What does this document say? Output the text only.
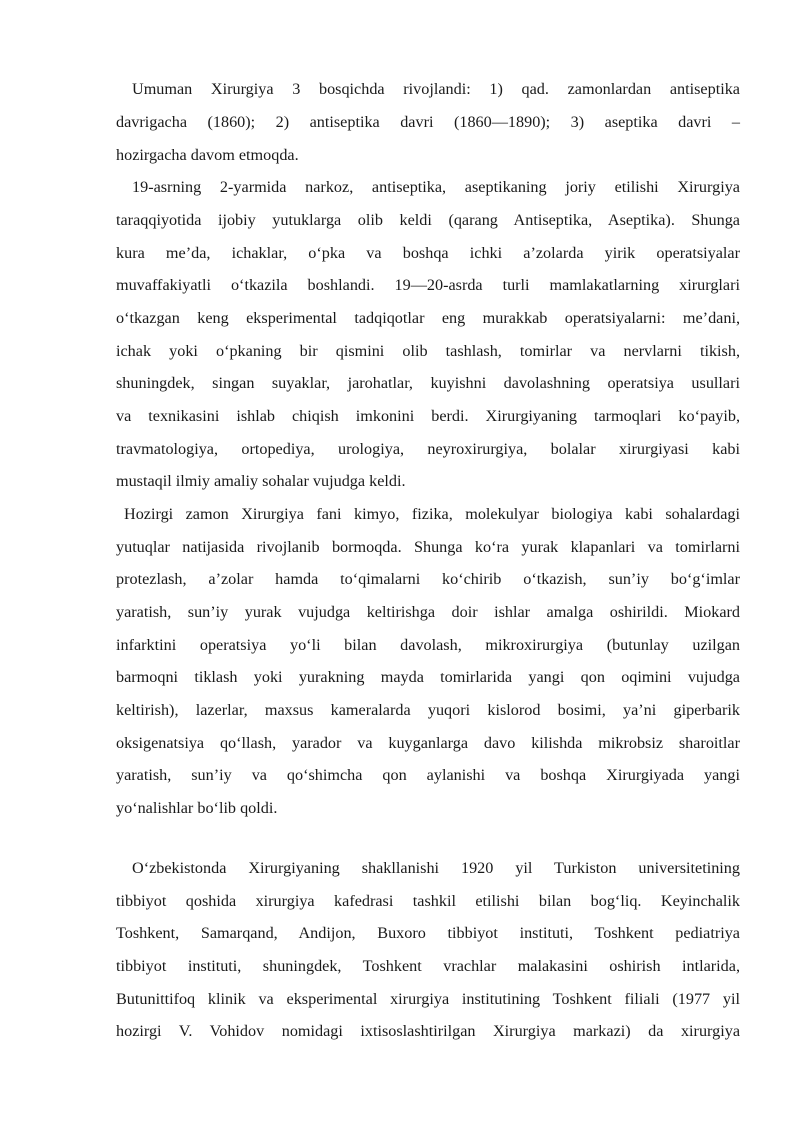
Umuman Xirurgiya 3 bosqichda rivojlandi: 1) qad. zamonlardan antiseptika
davrigacha (1860); 2) antiseptika davri (1860—1890); 3) aseptika davri –
hozirgacha davom etmoqda.
19-asrning 2-yarmida narkoz, antiseptika, aseptikaning joriy etilishi Xirurgiya
taraqqiyotida ijobiy yutuklarga olib keldi (qarang Antiseptika, Aseptika). Shunga
kura me’da, ichaklar, o‘pka va boshqa ichki a’zolarda yirik operatsiyalar
muvaffakiyatli o‘tkazila boshlandi. 19—20-asrda turli mamlakatlarning xirurglari
o‘tkazgan keng eksperimental tadqiqotlar eng murakkab operatsiyalarni: me’dani,
ichak yoki o‘pkaning bir qismini olib tashlash, tomirlar va nervlarni tikish,
shuningdek, singan suyaklar, jarohatlar, kuyishni davolashning operatsiya usullari
va texnikasini ishlab chiqish imkonini berdi. Xirurgiyaning tarmoqlari ko‘payib,
travmatologiya, ortopediya, urologiya, neyroxirurgiya, bolalar xirurgiyasi kabi
mustaqil ilmiy amaliy sohalar vujudga keldi.
Hozirgi zamon Xirurgiya fani kimyo, fizika, molekulyar biologiya kabi sohalardagi
yutuqlar natijasida rivojlanib bormoqda. Shunga ko‘ra yurak klapanlari va tomirlarni
protezlash, a’zolar hamda to‘qimalarni ko‘chirib o‘tkazish, sun’iy bo‘g‘imlar
yaratish, sun’iy yurak vujudga keltirishga doir ishlar amalga oshirildi. Miokard
infarktini operatsiya yo‘li bilan davolash, mikroxirurgiya (butunlay uzilgan
barmoqni tiklash yoki yurakning mayda tomirlarida yangi qon oqimini vujudga
keltirish), lazerlar, maxsus kameralarda yuqori kislorod bosimi, ya’ni giperbarik
oksigenatsiya qo‘llash, yarador va kuyganlarga davo kilishda mikrobsiz sharoitlar
yaratish, sun’iy va qo‘shimcha qon aylanishi va boshqa Xirurgiyada yangi
yo‘nalishlar bo‘lib qoldi.
O‘zbekistonda Xirurgiyaning shakllanishi 1920 yil Turkiston universitetining
tibbiyot qoshida xirurgiya kafedrasi tashkil etilishi bilan bog‘liq. Keyinchalik
Toshkent, Samarqand, Andijon, Buxoro tibbiyot instituti, Toshkent pediatriya
tibbiyot instituti, shuningdek, Toshkent vrachlar malakasini oshirish intlarida,
Butunittifoq klinik va eksperimental xirurgiya institutining Toshkent filiali (1977 yil
hozirgi V. Vohidov nomidagi ixtisoslashtirilgan Xirurgiya markazi) da xirurgiya
